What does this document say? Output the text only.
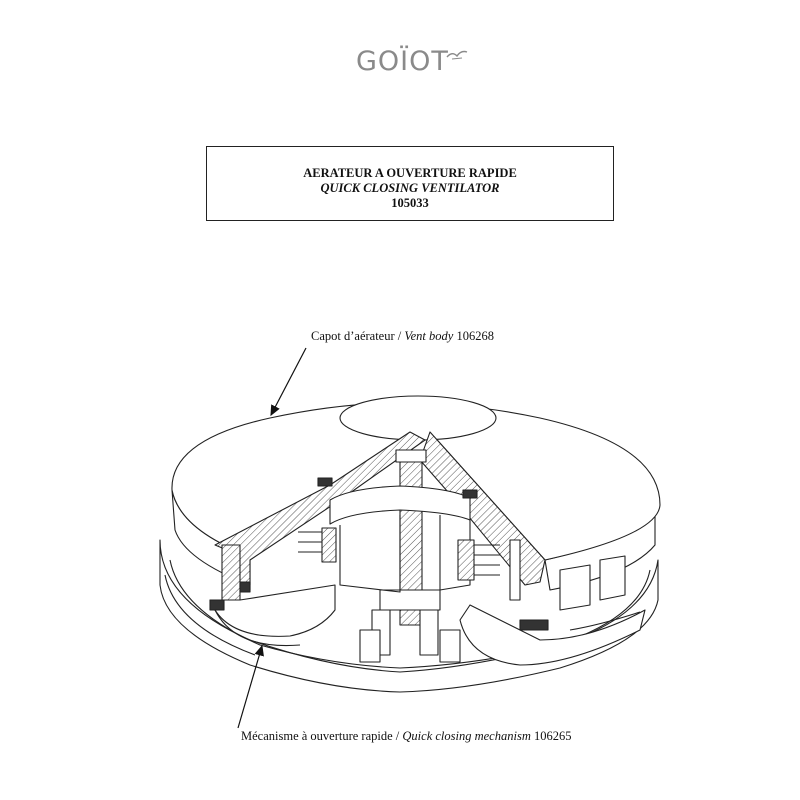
GOÏOT
AERATEUR A OUVERTURE RAPIDE
QUICK CLOSING VENTILATOR
105033
Capot d’aérateur / Vent body 106268
Mécanisme à ouverture rapide / Quick closing mechanism 106265
